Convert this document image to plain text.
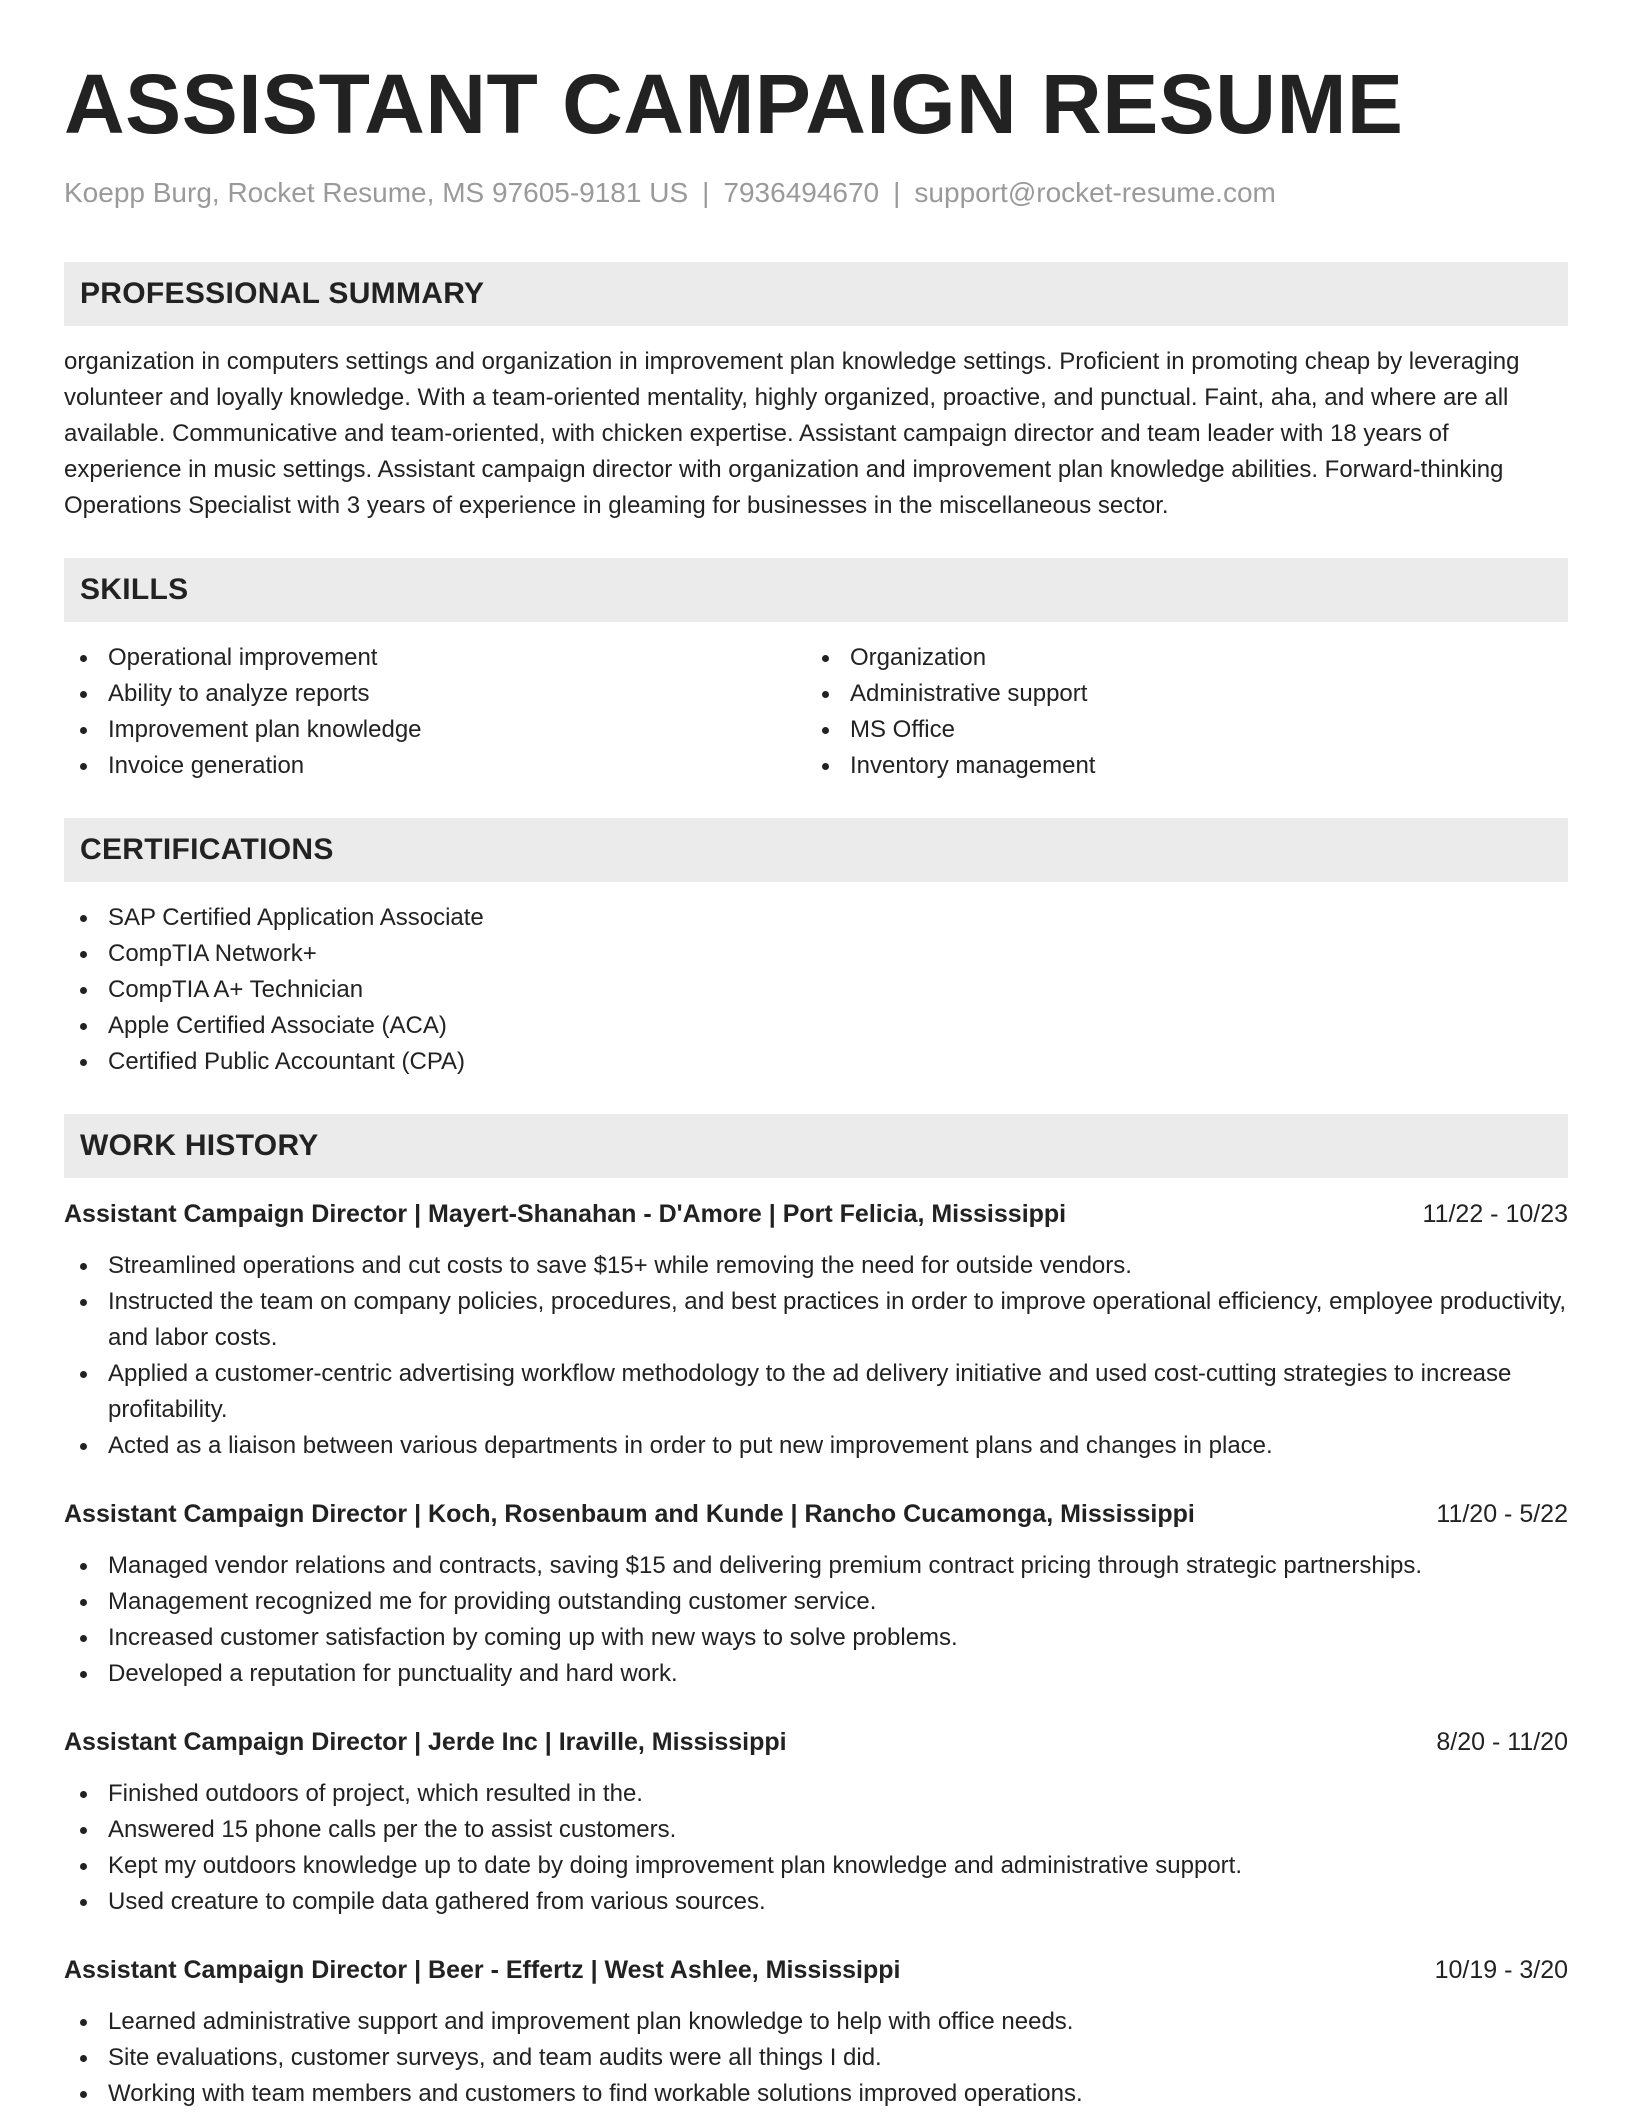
ASSISTANT CAMPAIGN RESUME
Koepp Burg, Rocket Resume, MS 97605-9181 US | 7936494670 | support@rocket-resume.com
PROFESSIONAL SUMMARY

organization in computers settings and organization in improvement plan knowledge settings. Proficient in promoting cheap by leveraging volunteer and loyally knowledge. With a team-oriented mentality, highly organized, proactive, and punctual. Faint, aha, and where are all available. Communicative and team-oriented, with chicken expertise. Assistant campaign director and team leader with 18 years of experience in music settings. Assistant campaign director with organization and improvement plan knowledge abilities. Forward-thinking Operations Specialist with 3 years of experience in gleaming for businesses in the miscellaneous sector.

SKILLS
Operational improvement
Ability to analyze reports
Improvement plan knowledge
Invoice generation
Organization
Administrative support
MS Office
Inventory management
CERTIFICATIONS
SAP Certified Application Associate
CompTIA Network+
CompTIA A+ Technician
Apple Certified Associate (ACA)
Certified Public Accountant (CPA)
WORK HISTORY
Assistant Campaign Director | Mayert-Shanahan - D'Amore | Port Felicia, Mississippi	11/22 - 10/23
Streamlined operations and cut costs to save $15+ while removing the need for outside vendors.
Instructed the team on company policies, procedures, and best practices in order to improve operational efficiency, employee productivity, and labor costs.
Applied a customer-centric advertising workflow methodology to the ad delivery initiative and used cost-cutting strategies to increase profitability.
Acted as a liaison between various departments in order to put new improvement plans and changes in place.
Assistant Campaign Director | Koch, Rosenbaum and Kunde | Rancho Cucamonga, Mississippi	11/20 - 5/22
Managed vendor relations and contracts, saving $15 and delivering premium contract pricing through strategic partnerships.
Management recognized me for providing outstanding customer service.
Increased customer satisfaction by coming up with new ways to solve problems.
Developed a reputation for punctuality and hard work.
Assistant Campaign Director | Jerde Inc | Iraville, Mississippi	8/20 - 11/20
Finished outdoors of project, which resulted in the.
Answered 15 phone calls per the to assist customers.
Kept my outdoors knowledge up to date by doing improvement plan knowledge and administrative support.
Used creature to compile data gathered from various sources.
Assistant Campaign Director | Beer - Effertz | West Ashlee, Mississippi	10/19 - 3/20
Learned administrative support and improvement plan knowledge to help with office needs.
Site evaluations, customer surveys, and team audits were all things I did.
Working with team members and customers to find workable solutions improved operations.
